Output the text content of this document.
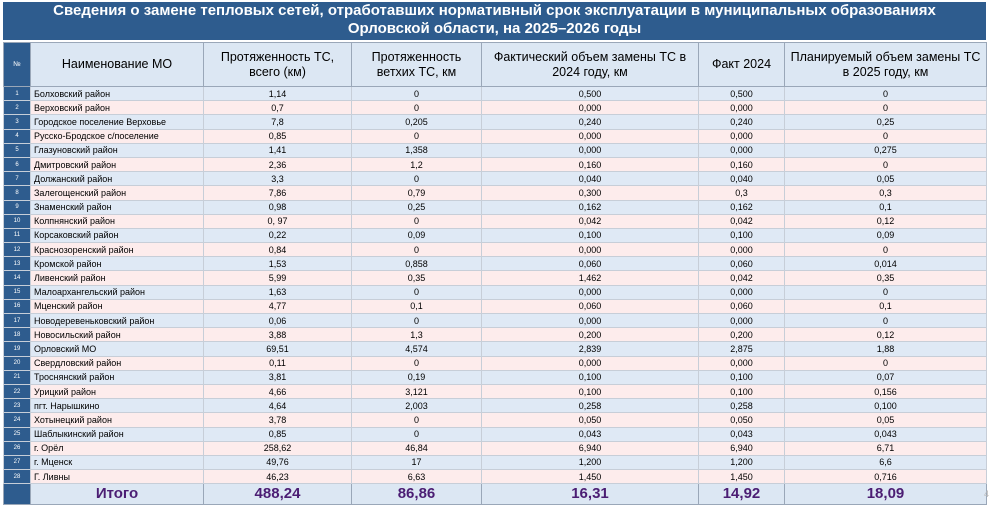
Сведения о замене тепловых сетей, отработавших нормативный срок эксплуатации в муниципальных образованиях
Орловской области, на 2025–2026 годы
№	Наименование МО	Протяженность ТС, всего (км)	Протяженность ветхих ТС, км	Фактический объем замены ТС в 2024 году, км	Факт 2024	Планируемый объем замены ТС в 2025 году, км
1	Болховский район	1,14	0	0,500	0,500	0
2	Верховский район	0,7	0	0,000	0,000	0
3	Городское поселение Верховье	7,8	0,205	0,240	0,240	0,25
4	Русско-Бродское с/поселение	0,85	0	0,000	0,000	0
5	Глазуновский район	1,41	1,358	0,000	0,000	0,275
6	Дмитровский район	2,36	1,2	0,160	0,160	0
7	Должанский район	3,3	0	0,040	0,040	0,05
8	Залегощенский район	7,86	0,79	0,300	0,3	0,3
9	Знаменский район	0,98	0,25	0,162	0,162	0,1
10	Колпнянский район	0, 97	0	0,042	0,042	0,12
11	Корсаковский район	0,22	0,09	0,100	0,100	0,09
12	Краснозоренский район	0,84	0	0,000	0,000	0
13	Кромской район	1,53	0,858	0,060	0,060	0,014
14	Ливенский район	5,99	0,35	1,462	0,042	0,35
15	Малоархангельский район	1,63	0	0,000	0,000	0
16	Мценский район	4,77	0,1	0,060	0,060	0,1
17	Новодеревеньковский район	0,06	0	0,000	0,000	0
18	Новосильский район	3,88	1,3	0,200	0,200	0,12
19	Орловский МО	69,51	4,574	2,839	2,875	1,88
20	Свердловский район	0,11	0	0,000	0,000	0
21	Троснянский район	3,81	0,19	0,100	0,100	0,07
22	Урицкий район	4,66	3,121	0,100	0,100	0,156
23	пгт. Нарышкино	4,64	2,003	0,258	0,258	0,100
24	Хотынецкий район	3,78	0	0,050	0,050	0,05
25	Шаблыкинский район	0,85	0	0,043	0,043	0,043
26	г. Орёл	258,62	46,84	6,940	6,940	6,71
27	г. Мценск	49,76	17	1,200	1,200	6,6
28	Г. Ливны	46,23	6,63	1,450	1,450	0,716
	Итого	488,24	86,86	16,31	14,92	18,09	4
